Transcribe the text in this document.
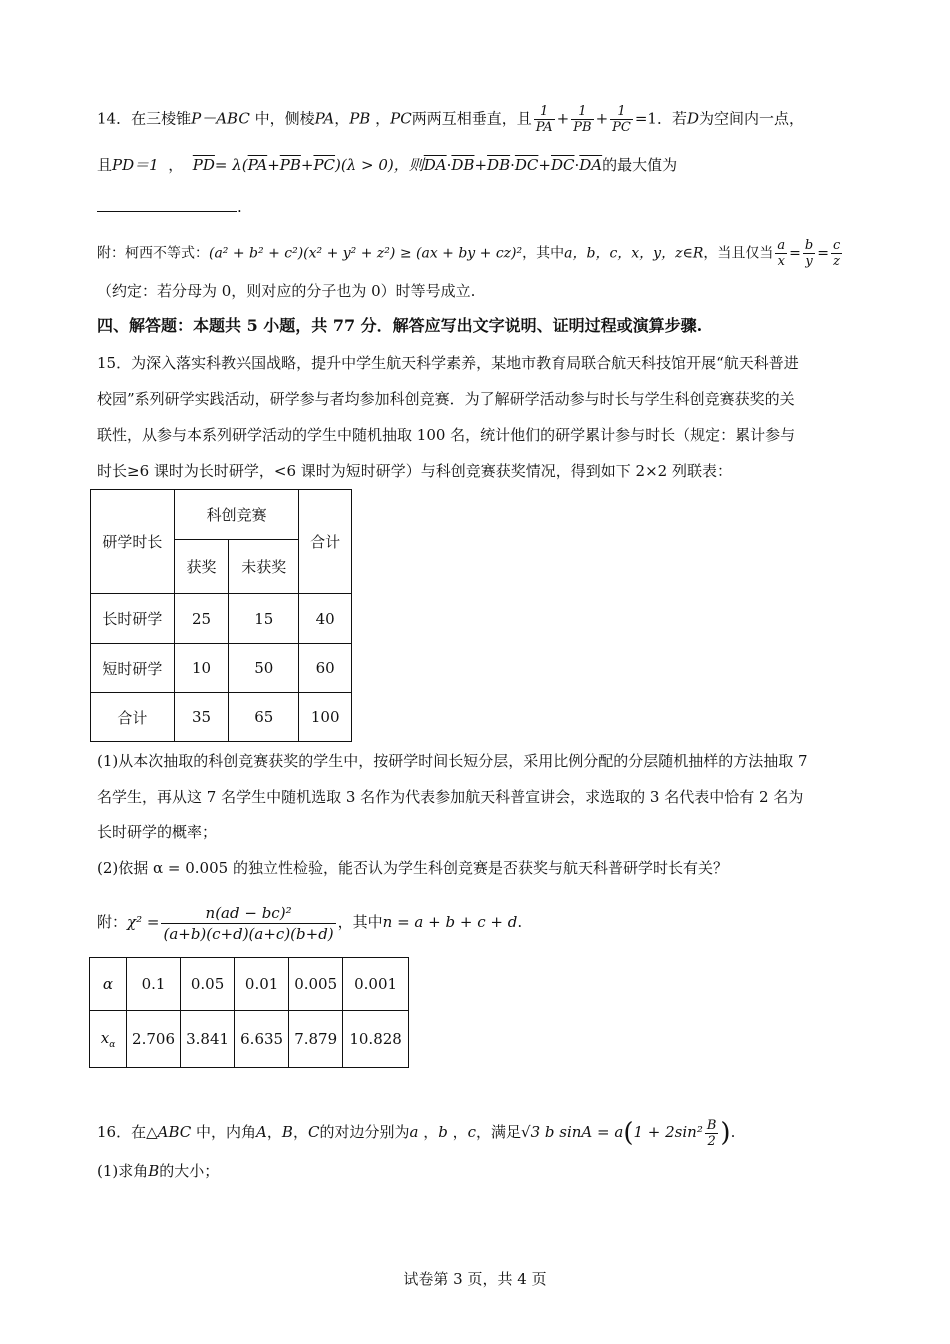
14．在三棱锥P－ABC 中，侧棱PA，PB ，PC两两互相垂直，且 $\frac{1}{PA} + \frac{1}{PB} + \frac{1}{PC} =1$．若D为空间内一点，
且PD＝1 ， $\overline{PD}= \lambda(\overline{PA}+\overline{PB}+\overline{PC})(\lambda > 0)$，则$\overline{DA}\cdot\overline{DB}+\overline{DB}\cdot\overline{DC}+\overline{DC}\cdot\overline{DA}$的最大值为
.
附：柯西不等式：(a² + b² + c²)(x² + y² + z²) ≥ (ax + by + cz)²，其中a，b，c，x，y，z∈R，当且仅当 $\frac{a}{x} = \frac{b}{y} = \frac{c}{z}$
（约定：若分母为 0，则对应的分子也为 0）时等号成立.
四、解答题：本题共 5 小题，共 77 分．解答应写出文字说明、证明过程或演算步骤.
15．为深入落实科教兴国战略，提升中学生航天科学素养，某地市教育局联合航天科技馆开展“航天科普进
校园”系列研学实践活动，研学参与者均参加科创竞赛．为了解研学活动参与时长与学生科创竞赛获奖的关
联性，从参与本系列研学活动的学生中随机抽取 100 名，统计他们的研学累计参与时长（规定：累计参与
时长≥6 课时为长时研学，<6 课时为短时研学）与科创竞赛获奖情况，得到如下 2×2 列联表：
研学时长	科创竞赛		合计
	获奖	未获奖	
长时研学	25	15	40
短时研学	10	50	60
合计	35	65	100
(1)从本次抽取的科创竞赛获奖的学生中，按研学时间长短分层，采用比例分配的分层随机抽样的方法抽取 7
名学生，再从这 7 名学生中随机选取 3 名作为代表参加航天科普宣讲会，求选取的 3 名代表中恰有 2 名为
长时研学的概率；
(2)依据 α = 0.005 的独立性检验，能否认为学生科创竞赛是否获奖与航天科普研学时长有关？
附：$\chi^2 = \frac{\text{n(ad − bc)²}}{(a+b)(c+d)(a+c)(b+d)}$ ，其中n = a + b + c + d.
α	0.1	0.05	0.01	0.005	0.001
$x_\alpha$	2.706	3.841	6.635	7.879	10.828
16．在△ABC 中，内角A，B，C的对边分别为a ，b ，c，满足√3 b $\sin A = a(1 + 2\sin^2 \frac{B}{2}$ ).
(1)求角B的大小；
试卷第 3 页，共 4 页
